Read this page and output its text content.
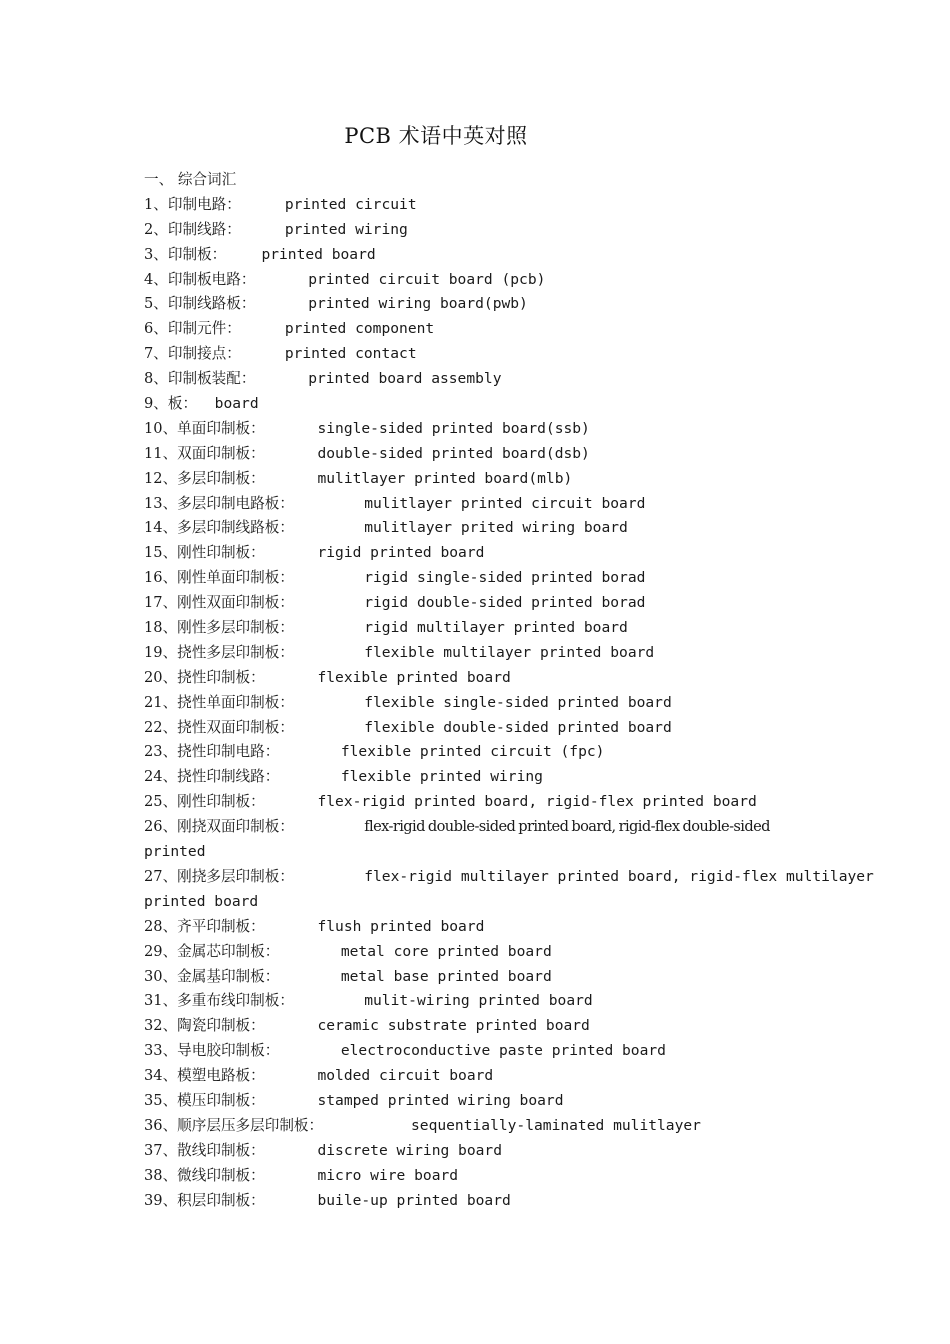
PCB 术语中英对照
一、 综合词汇
1、印制电路：	printed circuit
2、印制线路：	printed wiring
3、印制板： printed board
4、印制板电路：	printed circuit board (pcb)
5、印制线路板：	printed wiring board(pwb)
6、印制元件：	printed component
7、印制接点：	printed contact
8、印制板装配：	printed board assembly
9、板： board
10、单面印制板：	single-sided printed board(ssb)
11、双面印制板：	double-sided printed board(dsb)
12、多层印制板：	mulitlayer printed board(mlb)
13、多层印制电路板：	mulitlayer printed circuit board
14、多层印制线路板：	mulitlayer prited wiring board
15、刚性印制板：	rigid printed board
16、刚性单面印制板：	rigid single-sided printed borad
17、刚性双面印制板：	rigid double-sided printed borad
18、刚性多层印制板：	rigid multilayer printed board
19、挠性多层印制板：	flexible multilayer printed board
20、挠性印制板：	flexible printed board
21、挠性单面印制板：	flexible single-sided printed board
22、挠性双面印制板：	flexible double-sided printed board
23、挠性印制电路：	flexible printed circuit (fpc)
24、挠性印制线路：	flexible printed wiring
25、刚性印制板：	flex-rigid printed board, rigid-flex printed board
26、刚挠双面印制板：	flex-rigid double-sided printed board, rigid-flex double-sided
printed
27、刚挠多层印制板：	flex-rigid multilayer printed board, rigid-flex multilayer
printed board
28、齐平印制板：	flush printed board
29、金属芯印制板：	metal core printed board
30、金属基印制板：	metal base printed board
31、多重布线印制板：	mulit-wiring printed board
32、陶瓷印制板：	ceramic substrate printed board
33、导电胶印制板：	electroconductive paste printed board
34、模塑电路板：	molded circuit board
35、模压印制板：	stamped printed wiring board
36、顺序层压多层印制板：	sequentially-laminated mulitlayer
37、散线印制板：	discrete wiring board
38、微线印制板：	micro wire board
39、积层印制板：	buile-up printed board
